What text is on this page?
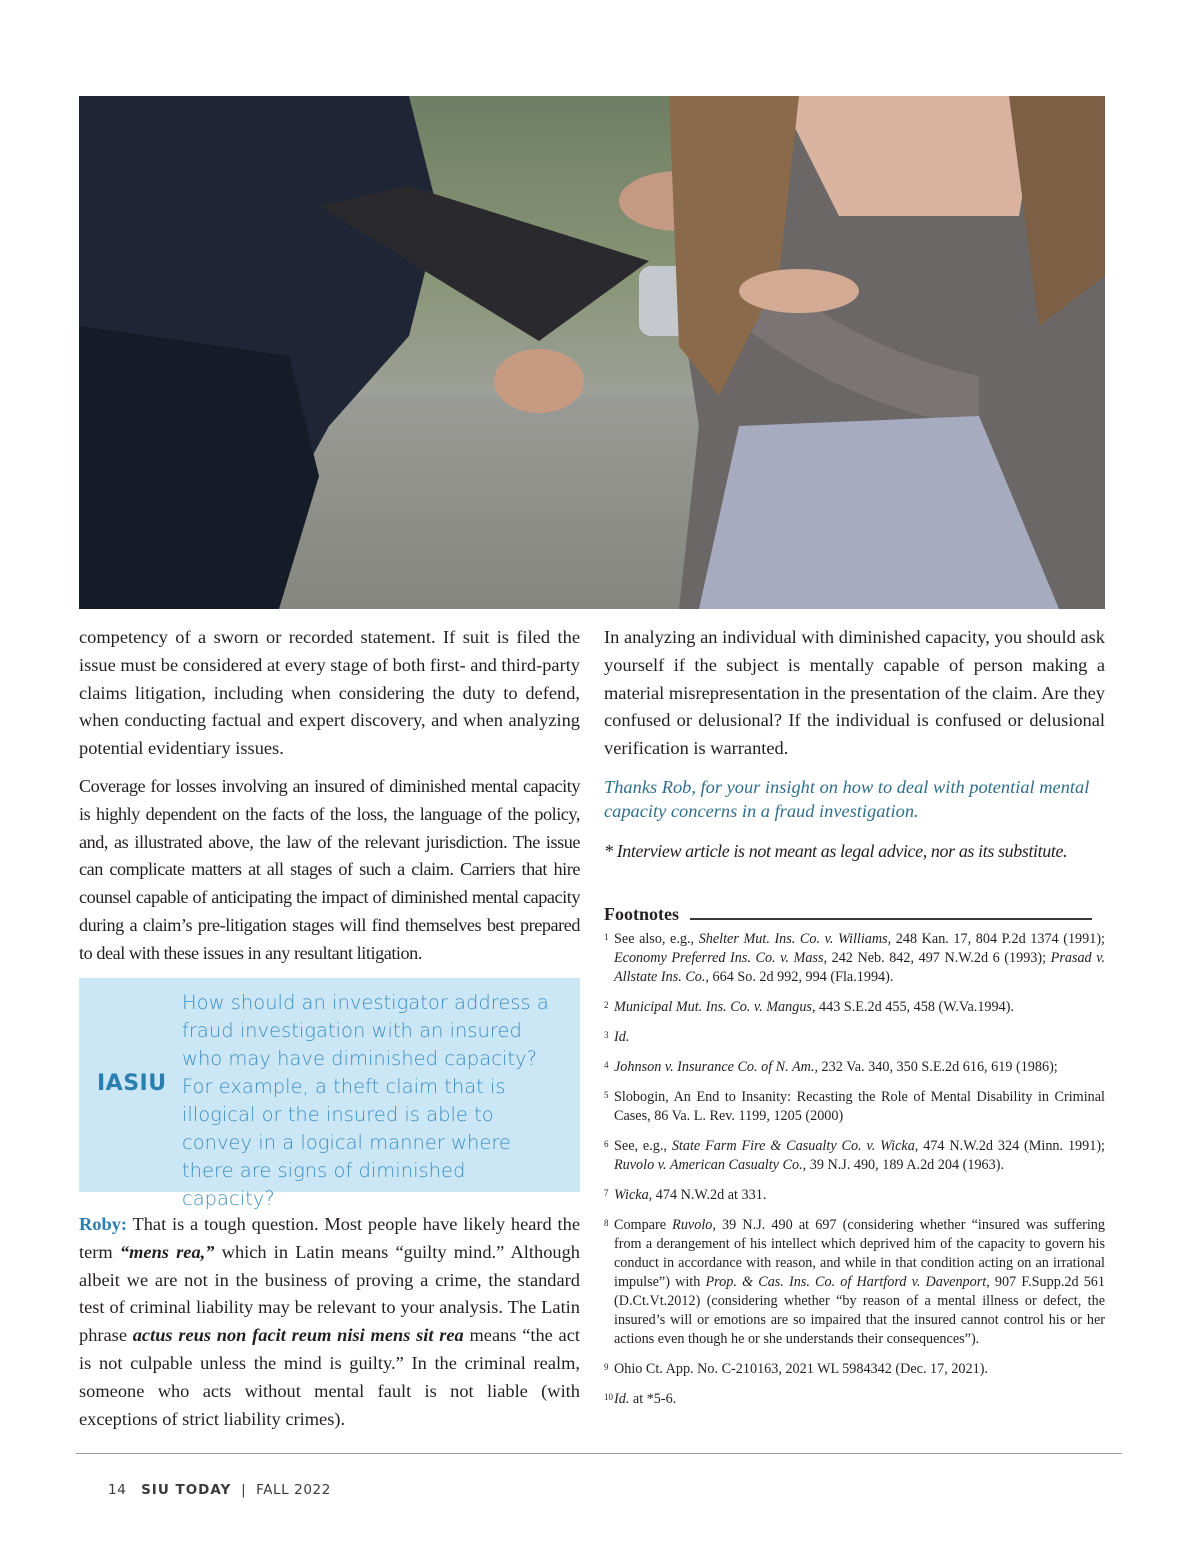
competency of a sworn or recorded statement. If suit is filed the issue must be considered at every stage of both first- and third-party claims litigation, including when considering the duty to defend, when conducting factual and expert discovery, and when analyzing potential evidentiary issues.

Coverage for losses involving an insured of diminished mental capacity is highly dependent on the facts of the loss, the language of the policy, and, as illustrated above, the law of the relevant jurisdiction. The issue can complicate matters at all stages of such a claim. Carriers that hire counsel capable of anticipating the impact of diminished mental capacity during a claim’s pre-litigation stages will find themselves best prepared to deal with these issues in any resultant litigation.

IASIU
How should an investigator address a fraud investigation with an insured who may have diminished capacity? For example, a theft claim that is illogical or the insured is able to convey in a logical manner where there are signs of diminished capacity?

Roby: That is a tough question. Most people have likely heard the term “mens rea,” which in Latin means “guilty mind.” Although albeit we are not in the business of proving a crime, the standard test of criminal liability may be relevant to your analysis. The Latin phrase actus reus non facit reum nisi mens sit rea means “the act is not culpable unless the mind is guilty.” In the criminal realm, someone who acts without mental fault is not liable (with exceptions of strict liability crimes).

In analyzing an individual with diminished capacity, you should ask yourself if the subject is mentally capable of person making a material misrepresentation in the presentation of the claim. Are they confused or delusional? If the individual is confused or delusional verification is warranted.

Thanks Rob, for your insight on how to deal with potential mental capacity concerns in a fraud investigation.

* Interview article is not meant as legal advice, nor as its substitute.

Footnotes
1 See also, e.g., Shelter Mut. Ins. Co. v. Williams, 248 Kan. 17, 804 P.2d 1374 (1991); Economy Preferred Ins. Co. v. Mass, 242 Neb. 842, 497 N.W.2d 6 (1993); Prasad v. Allstate Ins. Co., 664 So. 2d 992, 994 (Fla.1994).
2 Municipal Mut. Ins. Co. v. Mangus, 443 S.E.2d 455, 458 (W.Va.1994).
3 Id.
4 Johnson v. Insurance Co. of N. Am., 232 Va. 340, 350 S.E.2d 616, 619 (1986);
5 Slobogin, An End to Insanity: Recasting the Role of Mental Disability in Criminal Cases, 86 Va. L. Rev. 1199, 1205 (2000)
6 See, e.g., State Farm Fire & Casualty Co. v. Wicka, 474 N.W.2d 324 (Minn. 1991); Ruvolo v. American Casualty Co., 39 N.J. 490, 189 A.2d 204 (1963).
7 Wicka, 474 N.W.2d at 331.
8 Compare Ruvolo, 39 N.J. 490 at 697 (considering whether “insured was suffering from a derangement of his intellect which deprived him of the capacity to govern his conduct in accordance with reason, and while in that condition acting on an irrational impulse”) with Prop. & Cas. Ins. Co. of Hartford v. Davenport, 907 F.Supp.2d 561 (D.Ct.Vt.2012) (considering whether “by reason of a mental illness or defect, the insured’s will or emotions are so impaired that the insured cannot control his or her actions even though he or she understands their consequences”).
9 Ohio Ct. App. No. C-210163, 2021 WL 5984342 (Dec. 17, 2021).
10 Id. at *5-6.
14 SIU TODAY | FALL 2022
